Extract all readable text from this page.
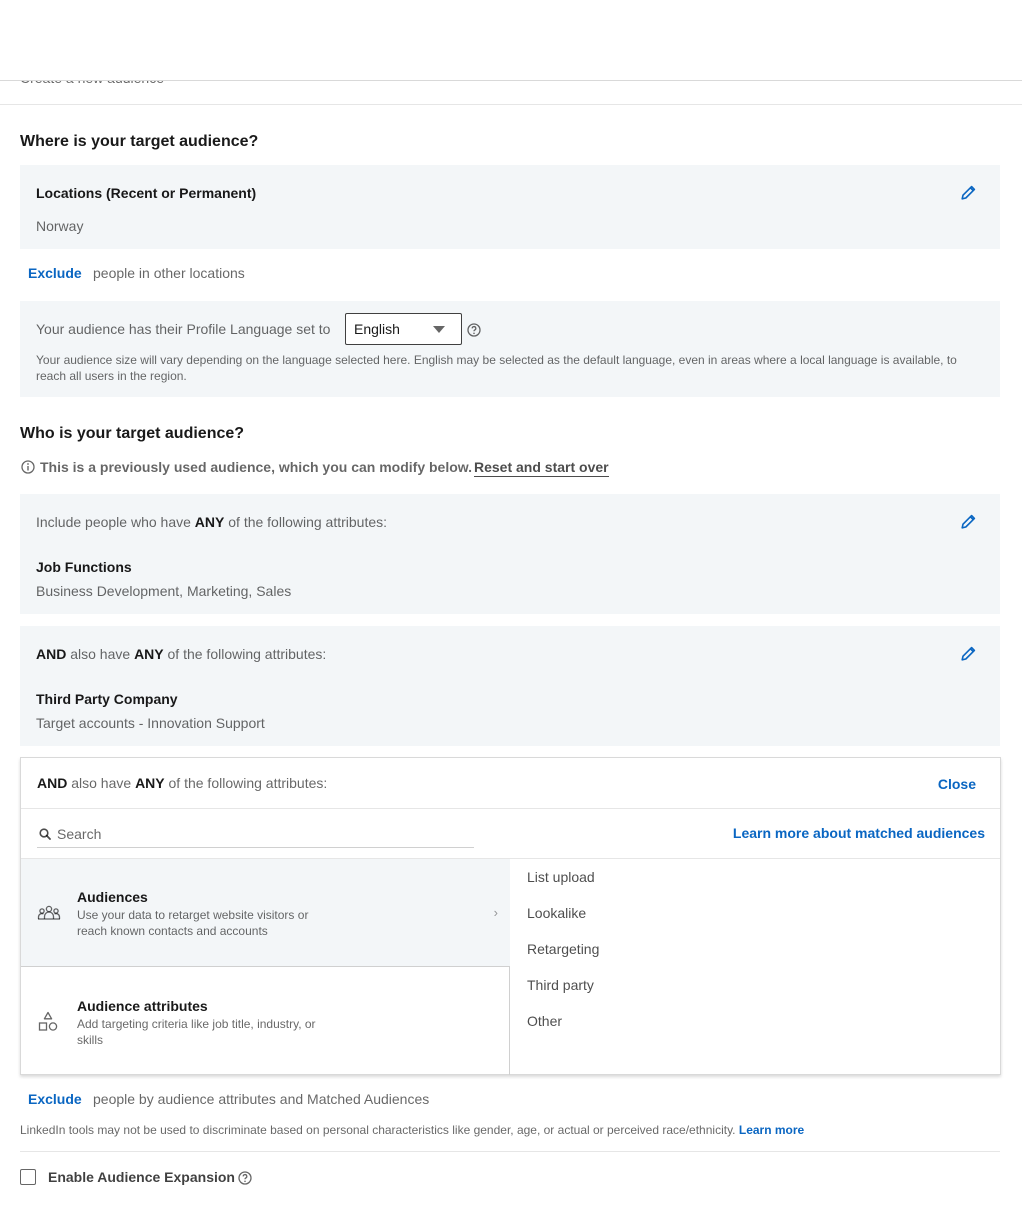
Where is your target audience?
Locations (Recent or Permanent)
Norway
Exclude people in other locations
Your audience has their Profile Language set to English
Your audience size will vary depending on the language selected here. English may be selected as the default language, even in areas where a local language is available, to reach all users in the region.
Who is your target audience?
This is a previously used audience, which you can modify below. Reset and start over
Include people who have ANY of the following attributes:
Job Functions
Business Development, Marketing, Sales
AND also have ANY of the following attributes:
Third Party Company
Target accounts - Innovation Support
AND also have ANY of the following attributes:	Close
Search
Learn more about matched audiences
Audiences
Use your data to retarget website visitors or reach known contacts and accounts
›
Audience attributes
Add targeting criteria like job title, industry, or skills
List upload
Lookalike
Retargeting
Third party
Other
Exclude people by audience attributes and Matched Audiences
LinkedIn tools may not be used to discriminate based on personal characteristics like gender, age, or actual or perceived race/ethnicity. Learn more
Enable Audience Expansion
